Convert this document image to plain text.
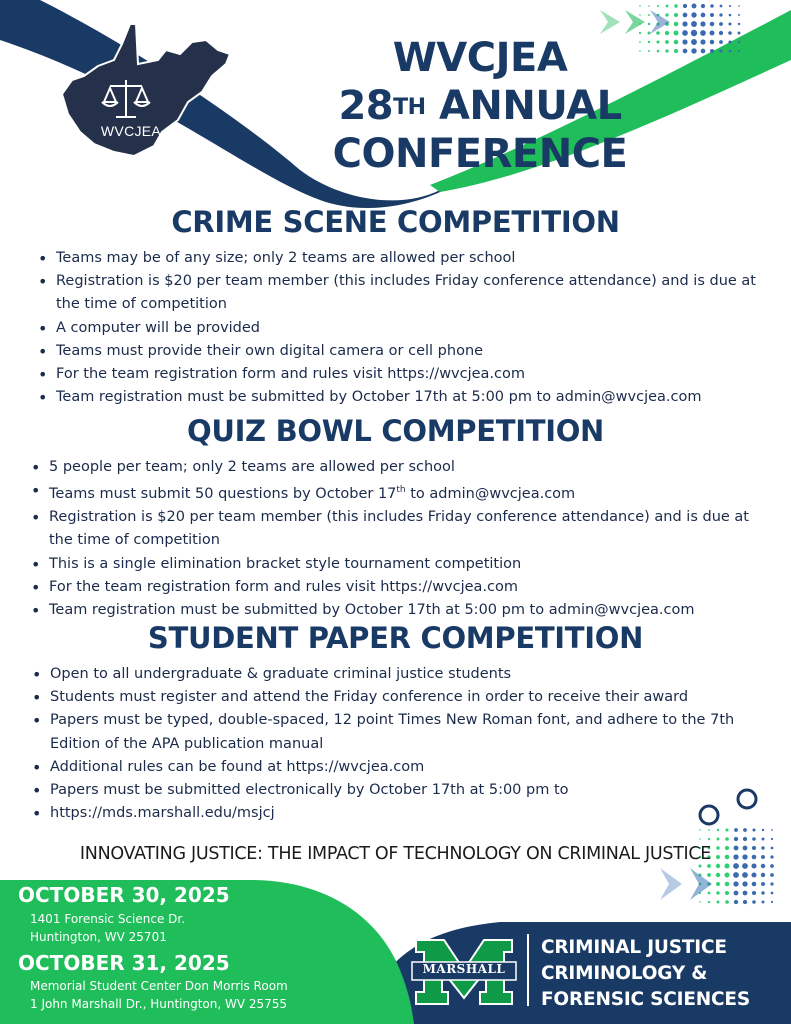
WVCJEA
WVCJEA
28TH ANNUAL
CONFERENCE
CRIME SCENE COMPETITION
• Teams may be of any size; only 2 teams are allowed per school
• Registration is $20 per team member (this includes Friday conference attendance) and is due at the time of competition
• A computer will be provided
• Teams must provide their own digital camera or cell phone
• For the team registration form and rules visit https://wvcjea.com
• Team registration must be submitted by October 17th at 5:00 pm to admin@wvcjea.com
QUIZ BOWL COMPETITION
• 5 people per team; only 2 teams are allowed per school
• Teams must submit 50 questions by October 17th to admin@wvcjea.com
• Registration is $20 per team member (this includes Friday conference attendance) and is due at the time of competition
• This is a single elimination bracket style tournament competition
• For the team registration form and rules visit https://wvcjea.com
• Team registration must be submitted by October 17th at 5:00 pm to admin@wvcjea.com
STUDENT PAPER COMPETITION
• Open to all undergraduate & graduate criminal justice students
• Students must register and attend the Friday conference in order to receive their award
• Papers must be typed, double-spaced, 12 point Times New Roman font, and adhere to the 7th Edition of the APA publication manual
• Additional rules can be found at https://wvcjea.com
• Papers must be submitted electronically by October 17th at 5:00 pm to
• https://mds.marshall.edu/msjcj
INNOVATING JUSTICE: THE IMPACT OF TECHNOLOGY ON CRIMINAL JUSTICE
OCTOBER 30, 2025
1401 Forensic Science Dr.
Huntington, WV 25701
OCTOBER 31, 2025
Memorial Student Center Don Morris Room
1 John Marshall Dr., Huntington, WV 25755
MARSHALL
CRIMINAL JUSTICE
CRIMINOLOGY &
FORENSIC SCIENCES
